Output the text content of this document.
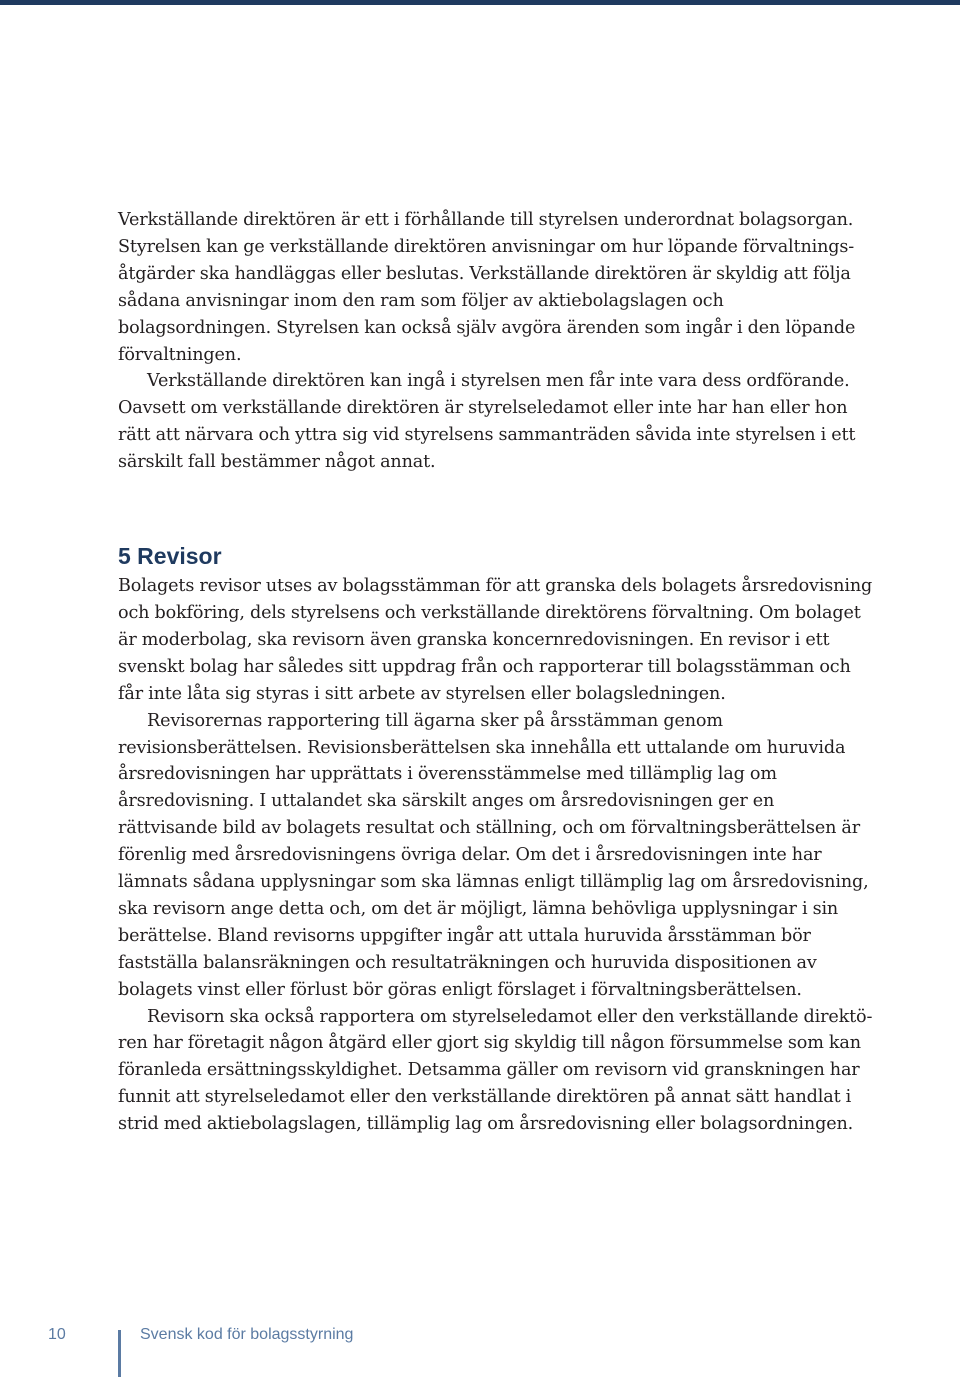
Verkställande direktören är ett i förhållande till styrelsen underordnat bolagsorgan. Styrelsen kan ge verkställande direktören anvisningar om hur löpande förvaltningsåtgärder ska handläggas eller beslutas. Verkställande direktören är skyldig att följa sådana anvisningar inom den ram som följer av aktiebolagslagen och bolagsordningen. Styrelsen kan också själv avgöra ärenden som ingår i den löpande förvaltningen.

Verkställande direktören kan ingå i styrelsen men får inte vara dess ordförande. Oavsett om verkställande direktören är styrelseledamot eller inte har han eller hon rätt att närvara och yttra sig vid styrelsens sammanträden såvida inte styrelsen i ett särskilt fall bestämmer något annat.

5 Revisor

Bolagets revisor utses av bolagsstämman för att granska dels bolagets årsredovisning och bokföring, dels styrelsens och verkställande direktörens förvaltning. Om bolaget är moderbolag, ska revisorn även granska koncernredovisningen. En revisor i ett svenskt bolag har således sitt uppdrag från och rapporterar till bolagsstämman och får inte låta sig styras i sitt arbete av styrelsen eller bolagsledningen.

Revisorernas rapportering till ägarna sker på årsstämman genom revisionsberättelsen. Revisionsberättelsen ska innehålla ett uttalande om huruvida årsredovisningen har upprättats i överensstämmelse med tillämplig lag om årsredovisning. I uttalandet ska särskilt anges om årsredovisningen ger en rättvisande bild av bolagets resultat och ställning, och om förvaltningsberättelsen är förenlig med årsredovisningens övriga delar. Om det i årsredovisningen inte har lämnats sådana upplysningar som ska lämnas enligt tillämplig lag om årsredovisning, ska revisorn ange detta och, om det är möjligt, lämna behövliga upplysningar i sin berättelse. Bland revisorns uppgifter ingår att uttala huruvida årsstämman bör fastställa balansräkningen och resultaträkningen och huruvida dispositionen av bolagets vinst eller förlust bör göras enligt förslaget i förvaltningsberättelsen.

Revisorn ska också rapportera om styrelseledamot eller den verkställande direktören har företagit någon åtgärd eller gjort sig skyldig till någon försummelse som kan föranleda ersättningsskyldighet. Detsamma gäller om revisorn vid granskningen har funnit att styrelseledamot eller den verkställande direktören på annat sätt handlat i strid med aktiebolagslagen, tillämplig lag om årsredovisning eller bolagsordningen.

10	Svensk kod för bolagsstyrning
